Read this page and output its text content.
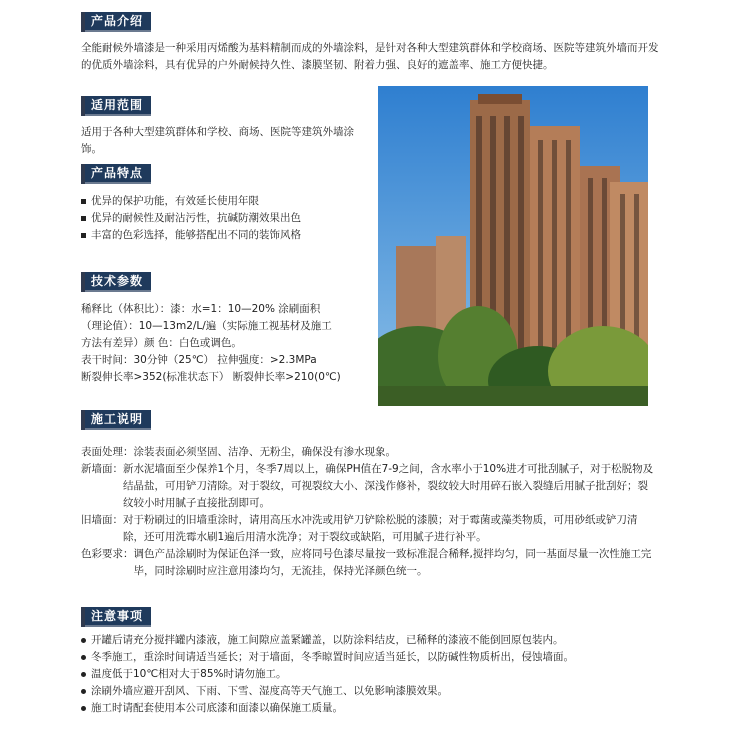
产品介绍
全能耐候外墙漆是一种采用丙烯酸为基料精制而成的外墙涂料，是针对各种大型建筑群体和学校商场、医院等建筑外墙而开发的优质外墙涂料，具有优异的户外耐候持久性、漆膜坚韧、附着力强、良好的遮盖率、施工方便快捷。
适用范围
适用于各种大型建筑群体和学校、商场、医院等建筑外墙涂饰。
产品特点
优异的保护功能，有效延长使用年限
优异的耐候性及耐沾污性，抗碱防潮效果出色
丰富的色彩选择，能够搭配出不同的装饰风格
技术参数
稀释比（体积比）：漆：水=1：10—20% 涂刷面积
（理论值）：10—13m2/L/遍（实际施工视基材及施工
方法有差异）颜 色：白色或调色。
表干时间：30分钟（25℃） 拉伸强度：>2.3MPa
断裂伸长率>352(标准状态下） 断裂伸长率>210(0℃)
施工说明
表面处理： 涂装表面必须坚固、洁净、无粉尘，确保没有渗水现象。
新墙面： 新水泥墙面至少保养1个月，冬季7周以上，确保PH值在7-9之间，含水率小于10%进才可批刮腻子，对于松脱物及结晶盐，可用铲刀清除。对于裂纹，可视裂纹大小、深浅作修补，裂纹较大时用碎石嵌入裂缝后用腻子批刮好；裂纹较小时用腻子直接批刮即可。
旧墙面： 对于粉刷过的旧墙重涂时，请用高压水冲洗或用铲刀铲除松脱的漆膜；对于霉菌或藻类物质，可用砂纸或铲刀清除，还可用洗霉水刷1遍后用清水洗净；对于裂纹或缺陷，可用腻子进行补平。
色彩要求： 调色产品涂刷时为保证色泽一致，应将同号色漆尽量按一致标准混合稀释,搅拌均匀，同一基面尽量一次性施工完毕，同时涂刷时应注意用漆均匀，无流挂，保持光泽颜色统一。
注意事项
开罐后请充分搅拌罐内漆液，施工间隙应盖紧罐盖，以防涂料结皮，已稀释的漆液不能倒回原包装内。
冬季施工，重涂时间请适当延长；对于墙面，冬季晾置时间应适当延长，以防碱性物质析出，侵蚀墙面。
温度低于10℃相对大于85%时请勿施工。
涂刷外墙应避开刮风、下雨、下雪、湿度高等天气施工、以免影响漆膜效果。
施工时请配套使用本公司底漆和面漆以确保施工质量。
